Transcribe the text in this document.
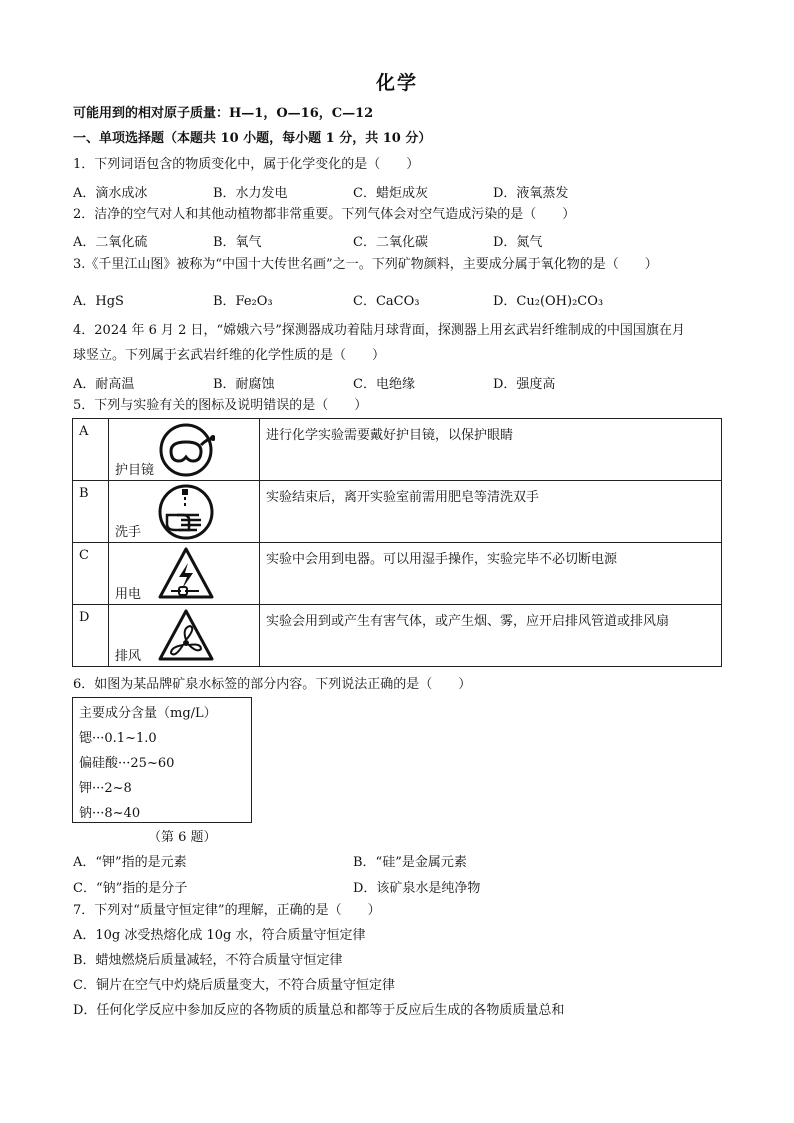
化学
可能用到的相对原子质量：H—1，O—16，C—12
一、单项选择题（本题共 10 小题，每小题 1 分，共 10 分）
1．下列词语包含的物质变化中，属于化学变化的是（　　）
A．滴水成冰	B．水力发电	C．蜡炬成灰	D．液氧蒸发
2．洁净的空气对人和其他动植物都非常重要。下列气体会对空气造成污染的是（　　）
A．二氧化硫	B．氧气	C．二氧化碳	D．氮气
3.《千里江山图》被称为“中国十大传世名画”之一。下列矿物颜料，主要成分属于氧化物的是（　　）
A．HgS	B．Fe₂O₃	C．CaCO₃	D．Cu₂(OH)₂CO₃
4．2024 年 6 月 2 日，“嫦娥六号”探测器成功着陆月球背面，探测器上用玄武岩纤维制成的中国国旗在月
球竖立。下列属于玄武岩纤维的化学性质的是（　　）
A．耐高温	B．耐腐蚀	C．电绝缘	D．强度高
5．下列与实验有关的图标及说明错误的是（　　）
A	护目镜	进行化学实验需要戴好护目镜，以保护眼睛
B	洗手	实验结束后，离开实验室前需用肥皂等清洗双手
C	用电	实验中会用到电器。可以用湿手操作，实验完毕不必切断电源
D	排风	实验会用到或产生有害气体，或产生烟、雾，应开启排风管道或排风扇
6．如图为某品牌矿泉水标签的部分内容。下列说法正确的是（　　）
主要成分含量（mg/L）
锶···0.1~1.0
偏硅酸···25~60
钾···2~8
钠···8~40
（第 6 题）
A．“钾”指的是元素	B．“硅”是金属元素
C．“钠”指的是分子	D．该矿泉水是纯净物
7．下列对“质量守恒定律”的理解，正确的是（　　）
A．10g 冰受热熔化成 10g 水，符合质量守恒定律
B．蜡烛燃烧后质量减轻，不符合质量守恒定律
C．铜片在空气中灼烧后质量变大，不符合质量守恒定律
D．任何化学反应中参加反应的各物质的质量总和都等于反应后生成的各物质质量总和
